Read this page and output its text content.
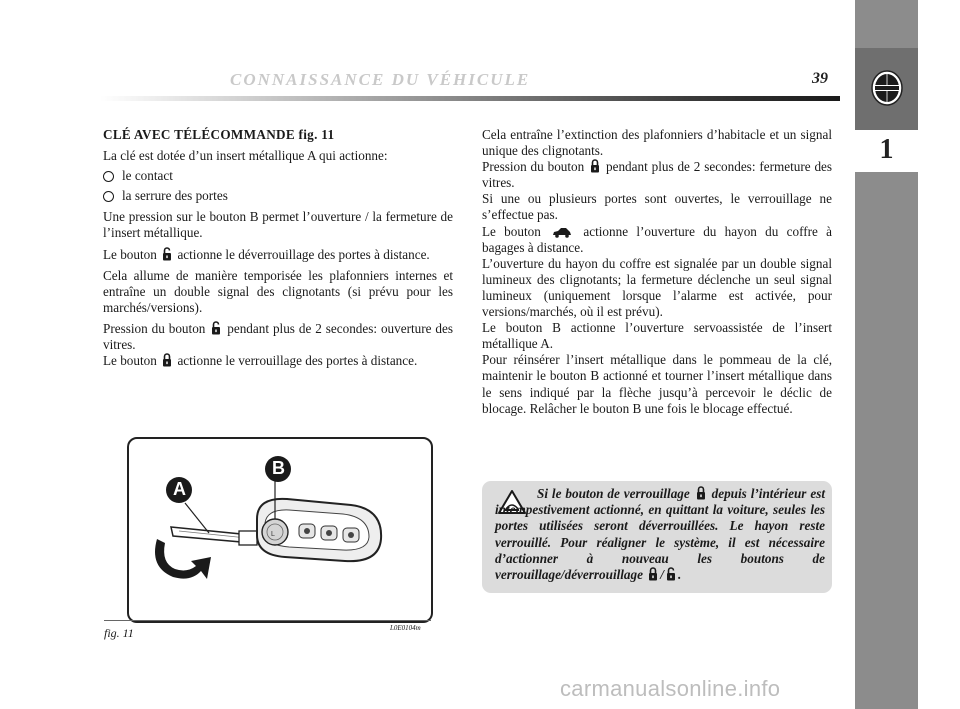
CONNAISSANCE DU VÉHICULE	39
1

CLÉ AVEC TÉLÉCOMMANDE fig. 11

La clé est dotée d’un insert métallique A qui actionne:

le contact

la serrure des portes

Une pression sur le bouton B permet l’ouverture / la fermeture de l’insert métallique.

Le bouton actionne le déverrouillage des portes à distance.

Cela allume de manière temporisée les plafonniers internes et entraîne un double signal des clignotants (si prévu pour les marchés/versions).

Pression du bouton pendant plus de 2 secondes: ouverture des vitres.

Le bouton actionne le verrouillage des portes à distance.

Cela entraîne l’extinction des plafonniers d’habitacle et un signal unique des clignotants.

Pression du bouton pendant plus de 2 secondes: fermeture des vitres.

Si une ou plusieurs portes sont ouvertes, le verrouillage ne s’effectue pas.

Le bouton	actionne l’ouverture du hayon du coffre à bagages à distance.

L’ouverture du hayon du coffre est signalée par un double signal lumineux des clignotants; la fermeture déclenche un seul signal lumineux (uniquement lorsque l’alarme est activée, pour versions/marchés, où il est prévu).

Le bouton B actionne l’ouverture servoassistée de l’insert métallique A.

Pour réinsérer l’insert métallique dans le pommeau de la clé, maintenir le bouton B actionné et tourner l’insert métallique dans le sens indiqué par la flèche jusqu’à percevoir le déclic de blocage. Relâcher le bouton B une fois le blocage effectué.

L
B
A
fig. 11	L0E0104m
Si le bouton de verrouillage depuis l’intérieur est intempestivement actionné, en quittant la voiture, seules les portes utilisées seront déverrouillées. Le hayon reste verrouillé. Pour réaligner le système, il est nécessaire d’actionner à nouveau les boutons de verrouillage/déverrouillage / .
carmanualsonline.info
